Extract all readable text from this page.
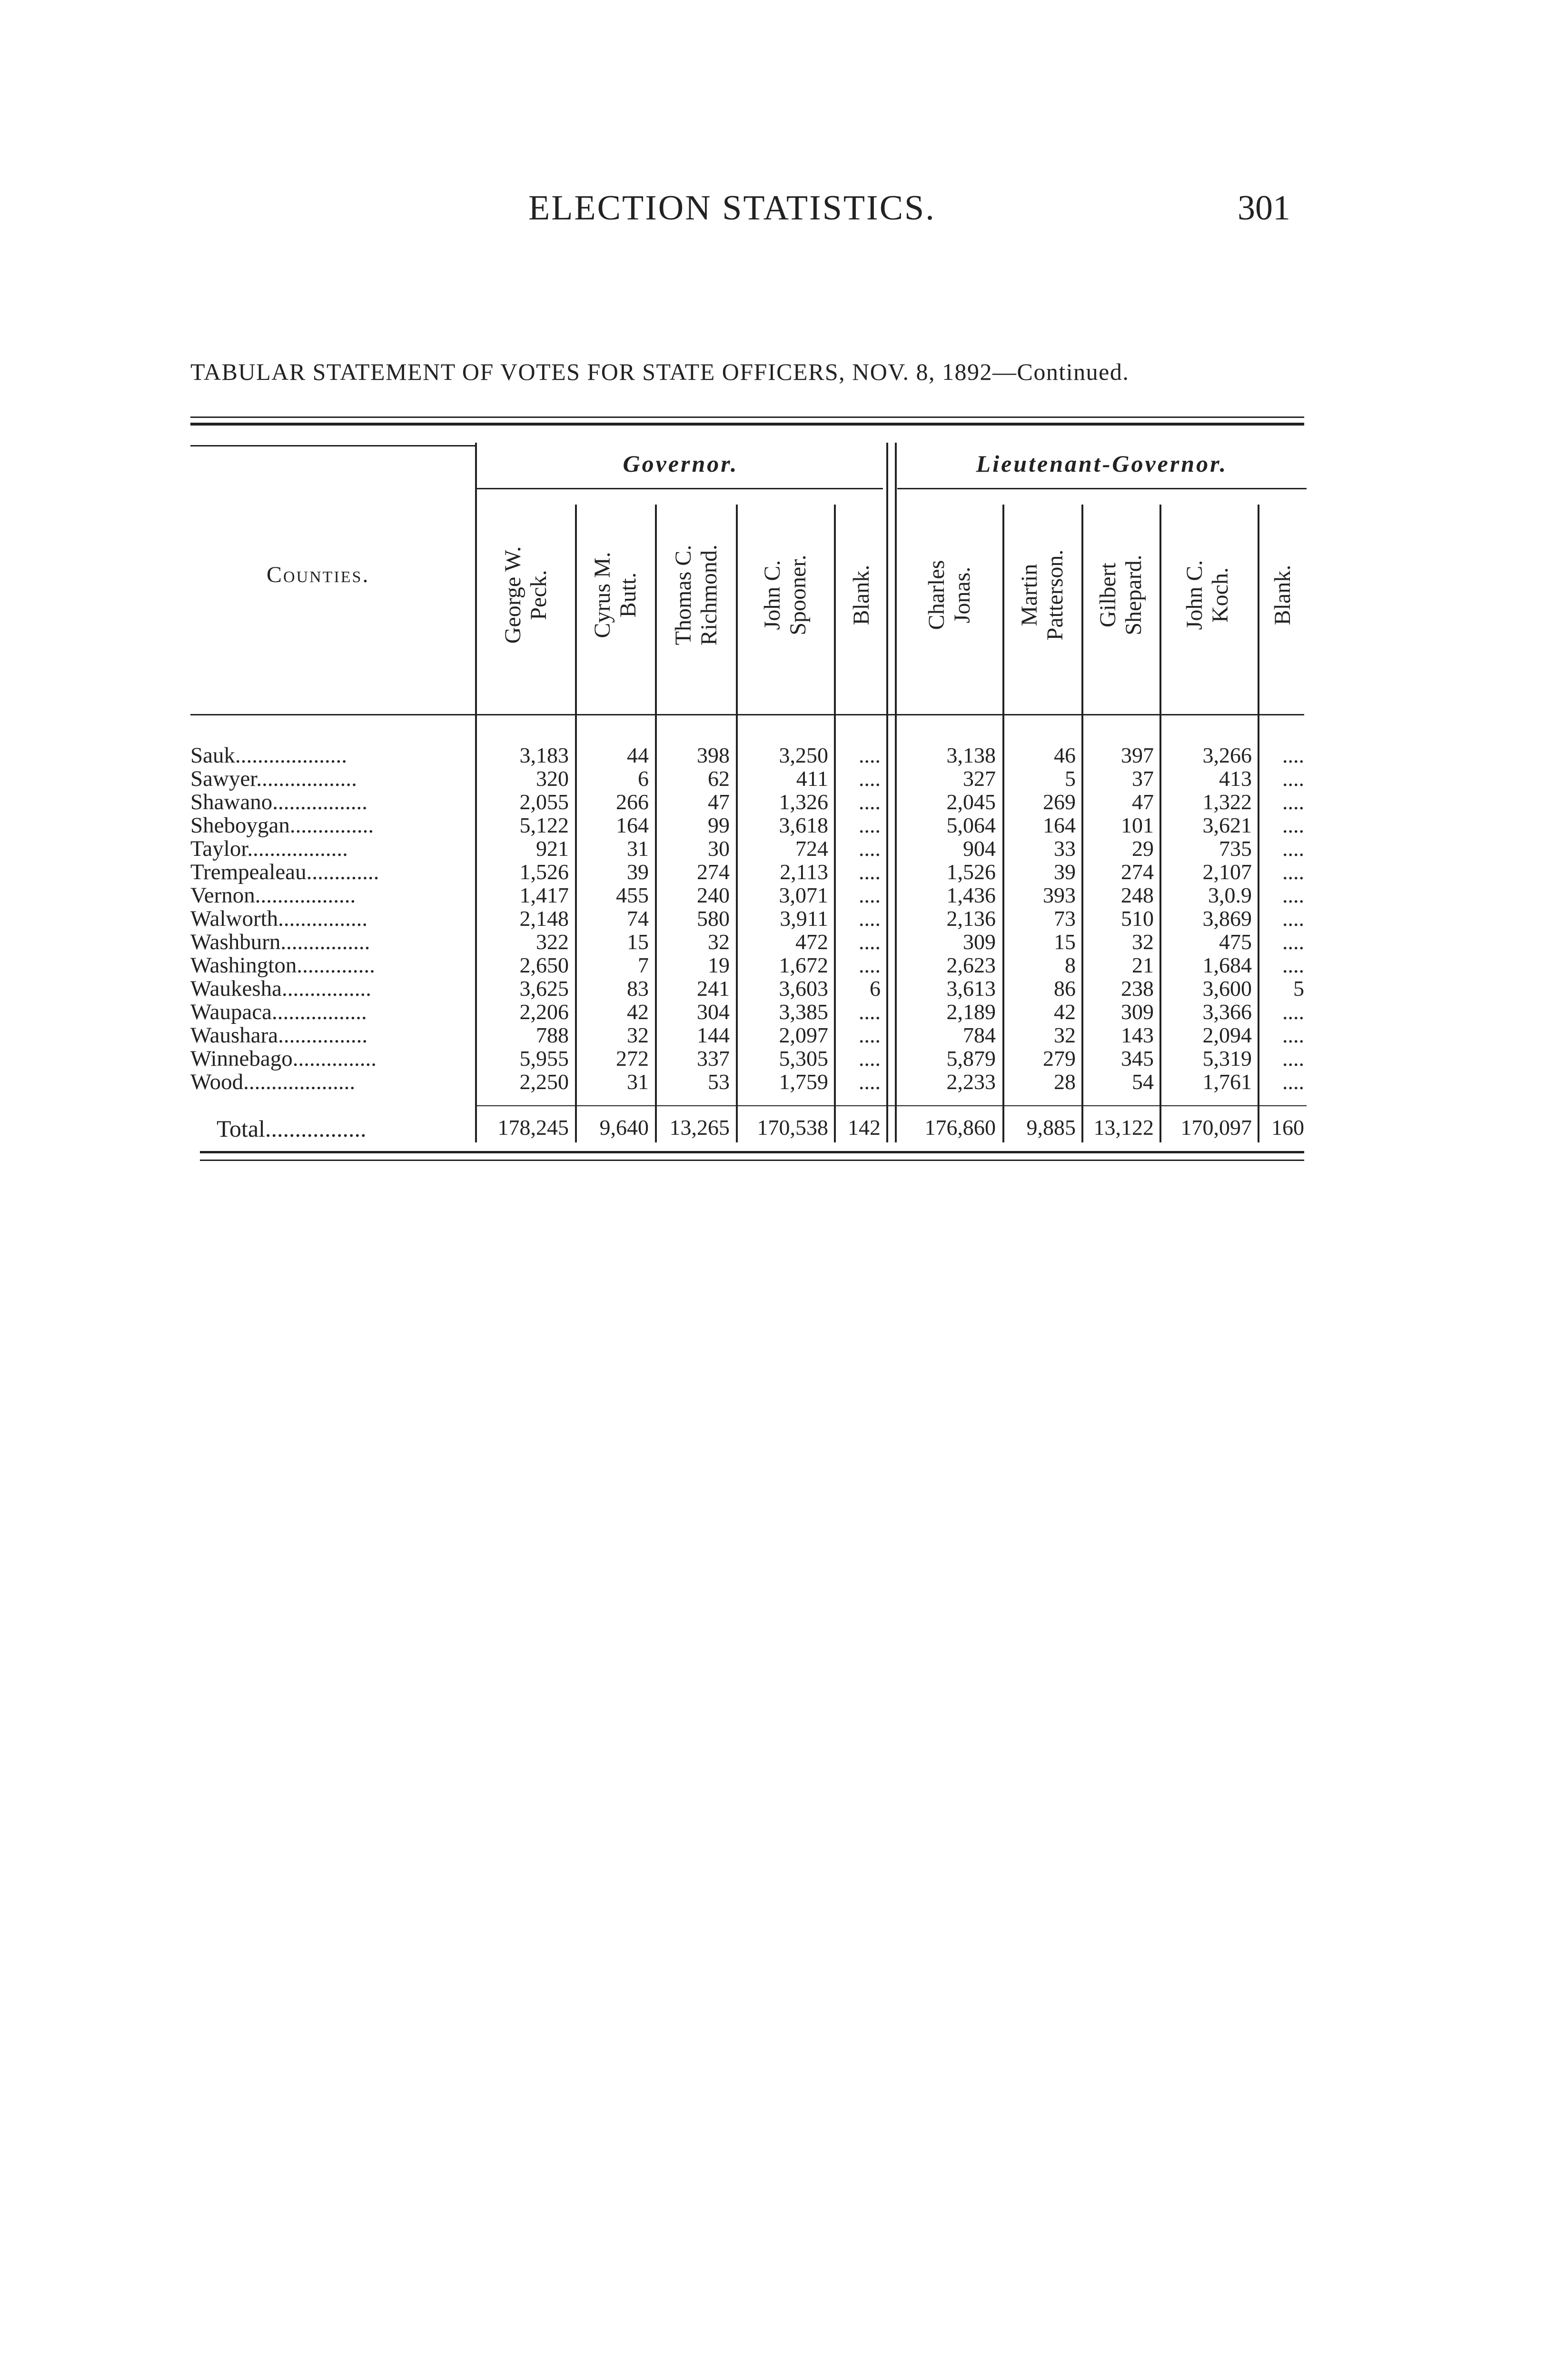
ELECTION STATISTICS.	301
TABULAR STATEMENT OF VOTES FOR STATE OFFICERS, NOV. 8, 1892—Continued.
Governor.	Lieutenant-Governor.
Counties.	George W. Peck. Cyrus M. Butt. Thomas C. Richmond. John C. Spooner. Blank. Charles Jonas. Martin Patterson. Gilbert Shepard. John C. Koch. Blank.
Sauk....................	3,183	44 398 3,250 ....	3,138	46 397 3,266 ....
Sawyer..................	320	6	62	411 ....	327	5	37	413 ....
Shawano.................	2,055 266	47 1,326 ....	2,045 269	47 1,322 ....
Sheboygan...............	5,122 164	99 3,618 ....	5,064 164 101 3,621 ....
Taylor..................	921	31	30	724 ....	904	33	29	735 ....
Trempealeau.............	1,526	39 274 2,113 ....	1,526	39 274 2,107 ....
Vernon..................	1,417 455 240 3,071 ....	1,436 393 248 3,0.9 ....
Walworth................	2,148	74 580 3,911 ....	2,136	73 510 3,869 ....
Washburn................	322	15	32	472 ....	309	15	32	475 ....
Washington..............	2,650	7	19 1,672 ....	2,623	8	21 1,684 ....
Waukesha................	3,625	83 241 3,603 6	3,613	86 238 3,600 5
Waupaca.................	2,206	42 304 3,385 ....	2,189	42 309 3,366 ....
Waushara................	788	32 144 2,097 ....	784	32 143 2,094 ....
Winnebago...............	5,955 272 337 5,305 ....	5,879 279 345 5,319 ....
Wood....................	2,250	31	53 1,759 ....	2,233	28	54 1,761 ....
Total.................	178,245 9,640 13,265 170,538 142 176,860 9,885 13,122 170,097 160
